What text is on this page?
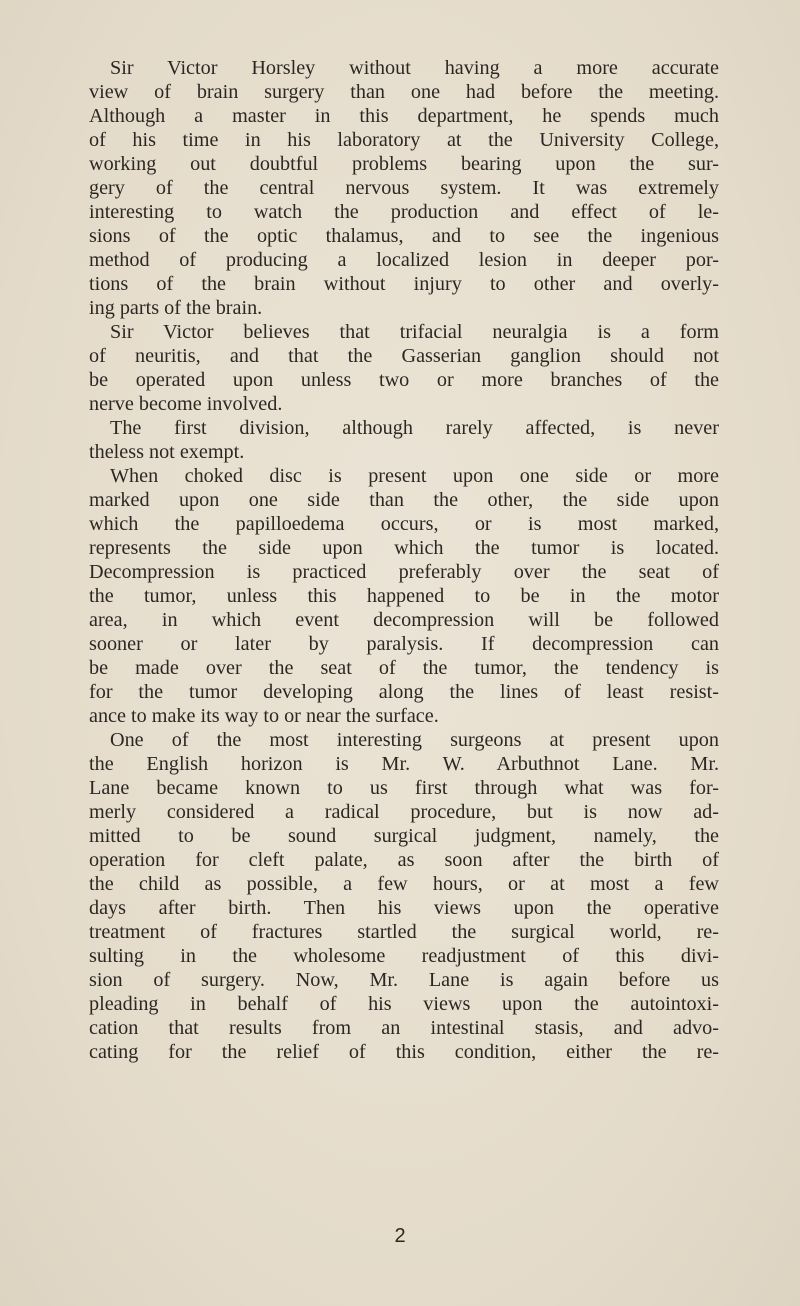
Sir Victor Horsley without having a more accurate
view of brain surgery than one had before the meeting.
Although a master in this department, he spends much
of his time in his laboratory at the University College,
working out doubtful problems bearing upon the sur-
gery of the central nervous system. It was extremely
interesting to watch the production and effect of le-
sions of the optic thalamus, and to see the ingenious
method of producing a localized lesion in deeper por-
tions of the brain without injury to other and overly-
ing parts of the brain.
Sir Victor believes that trifacial neuralgia is a form
of neuritis, and that the Gasserian ganglion should not
be operated upon unless two or more branches of the
nerve become involved.
The first division, although rarely affected, is never
theless not exempt.
When choked disc is present upon one side or more
marked upon one side than the other, the side upon
which the papilloedema occurs, or is most marked,
represents the side upon which the tumor is located.
Decompression is practiced preferably over the seat of
the tumor, unless this happened to be in the motor
area, in which event decompression will be followed
sooner or later by paralysis. If decompression can
be made over the seat of the tumor, the tendency is
for the tumor developing along the lines of least resist-
ance to make its way to or near the surface.
One of the most interesting surgeons at present upon
the English horizon is Mr. W. Arbuthnot Lane. Mr.
Lane became known to us first through what was for-
merly considered a radical procedure, but is now ad-
mitted to be sound surgical judgment, namely, the
operation for cleft palate, as soon after the birth of
the child as possible, a few hours, or at most a few
days after birth. Then his views upon the operative
treatment of fractures startled the surgical world, re-
sulting in the wholesome readjustment of this divi-
sion of surgery. Now, Mr. Lane is again before us
pleading in behalf of his views upon the autointoxi-
cation that results from an intestinal stasis, and advo-
cating for the relief of this condition, either the re-
2
